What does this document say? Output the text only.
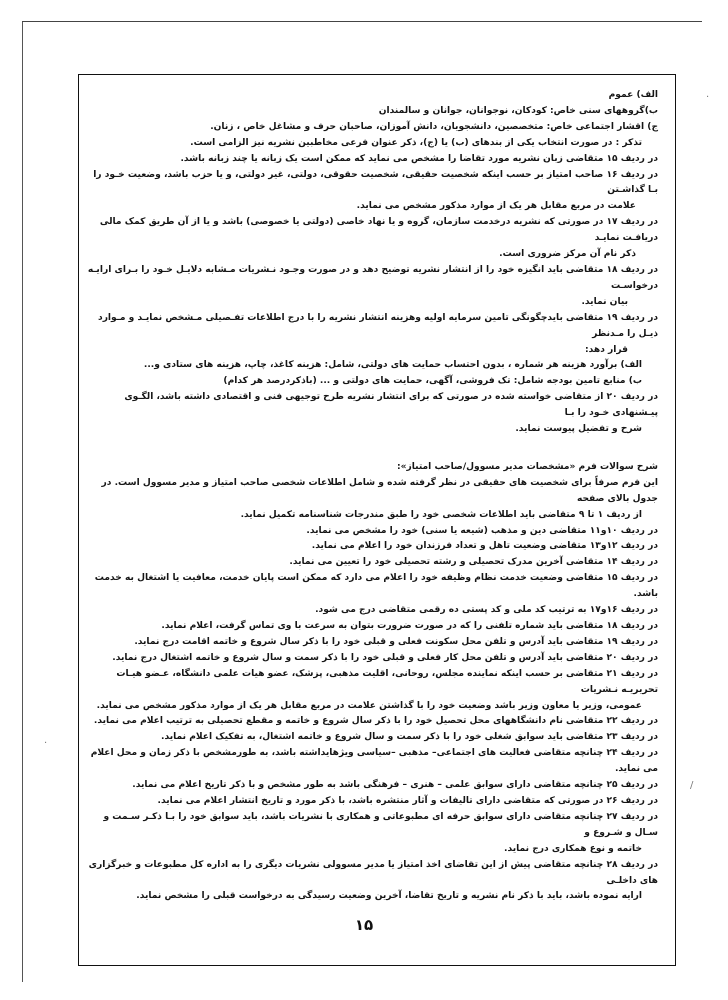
الف) عموم

ب)گروههای سنی خاص: کودکان، نوجوانان، جوانان و سالمندان

ج) اقشار اجتماعی خاص: متخصصین، دانشجویان، دانش آموزان، صاحبان حرف و مشاغل خاص ، زنان.

تذکر : در صورت انتخاب یکی از بندهای (ب) یا (ج)، ذکر عنوان فرعی مخاطبین نشریه نیز الزامی است.

در ردیف ۱۵ متقاضی زبان نشریه مورد تقاضا را مشخص می نماید که ممکن است یک زبانه یا چند زبانه باشد.

در ردیف ۱۶ صاحب امتیاز بر حسب اینکه شخصیت حقیقی، شخصیت حقوقی، دولتی، غیر دولتی، و یا حزب باشد، وضعیت خـود را بـا گذاشـتن

علامت در مربع مقابل هر یک از موارد مذکور مشخص می نماید.

در ردیف ۱۷ در صورتی که نشریه درخدمت سازمان، گروه و یا نهاد خاصی (دولتی یا خصوصی) باشد و یا از آن طریق کمک مالی دریافـت نمایـد

ذکر نام آن مرکز ضروری است.

در ردیف ۱۸ متقاضی باید انگیزه خود را از انتشار نشریه توضیح دهد و در صورت وجـود نـشریات مـشابه دلایـل خـود را بـرای ارایـه درخواسـت

بیان نماید.

در ردیف ۱۹ متقاضی بایدچگونگی تامین سرمایه اولیه وهزینه انتشار نشریه را با درج اطلاعات تفـصیلی مـشخص نمایـد و مـوارد ذیـل را مـدنظر

قرار دهد:

الف) برآورد هزینه هر شماره ، بدون احتساب حمایت های دولتی، شامل: هزینه کاغذ، چاپ، هزینه های ستادی و...

ب) منابع تامین بودجه شامل: تک فروشی، آگهی، حمایت های دولتی و ... (باذکردرصد هر کدام)

در ردیف ۲۰ از متقاضی خواسته شده در صورتی که برای انتشار نشریه طرح توجیهی فنی و اقتصادی داشته باشد، الگـوی پیـشنهادی خـود را بـا

شرح و تفضیل پیوست نماید.

شرح سوالات فرم «مشخصات مدیر مسوول/صاحب امتیاز»:

این فرم صرفاً برای شخصیت های حقیقی در نظر گرفته شده و شامل اطلاعات شخصی صاحب امتیاز و مدیر مسوول است. در جدول بالای صفحه

از ردیف ۱ تا ۹ متقاضی باید اطلاعات شخصی خود را طبق مندرجات شناسنامه تکمیل نماید.

در ردیف ۱۰و۱۱ متقاضی دین و مذهب (شیعه یا سنی) خود را مشخص می نماید.

در ردیف ۱۲و۱۳ متقاضی وضعیت تاهل و تعداد فرزندان خود را اعلام می نماید.

در ردیف ۱۴ متقاضی آخرین مدرک تحصیلی و رشته تحصیلی خود را تعیین می نماید.

در ردیف ۱۵ متقاضی وضعیت خدمت نظام وظیفه خود را اعلام می دارد که ممکن است پایان خدمت، معافیت یا اشتغال به خدمت باشد.

در ردیف ۱۶و۱۷ به ترتیب کد ملی و کد پستی ده رقمی متقاضی درج می شود.

در ردیف ۱۸ متقاضی باید شماره تلفنی را که در صورت ضرورت بتوان به سرعت با وی تماس گرفت، اعلام نماید.

در ردیف ۱۹ متقاضی باید آدرس و تلفن محل سکونت فعلی و قبلی خود را با ذکر سال شروع و خاتمه اقامت درج نماید.

در ردیف ۲۰ متقاضی باید آدرس و تلفن محل کار فعلی و قبلی خود را با ذکر سمت و سال شروع و خاتمه اشتغال درج نماید.

در ردیف ۲۱ متقاضی بر حسب اینکه نماینده مجلس، روحانی، اقلیت مذهبی، پزشک، عضو هیات علمی دانشگاه، عـضو هیـات تحریریـه نـشریات

عمومی، وزیر یا معاون وزیر باشد وضعیت خود را با گذاشتن علامت در مربع مقابل هر یک از موارد مذکور مشخص می نماید.

در ردیف ۲۲ متقاضی نام دانشگاههای محل تحصیل خود را با ذکر سال شروع و خاتمه و مقطع تحصیلی به ترتیب اعلام می نماید.

در ردیف ۲۳ متقاضی باید سوابق شغلی خود را با ذکر سمت و سال شروع و خاتمه اشتغال، به تفکیک اعلام نماید.

در ردیف ۲۴ چنانچه متقاضی فعالیت های اجتماعی– مذهبی –سیاسی ویژهایداشته باشد، به طورمشخص با ذکر زمان و محل اعلام می نماید.

در ردیف ۲۵ چنانچه متقاضی دارای سوابق علمی – هنری – فرهنگی باشد به طور مشخص و با ذکر تاریخ اعلام می نماید.

در ردیف ۲۶ در صورتی که متقاضی دارای تالیفات و آثار منتشره باشد، با ذکر مورد و تاریخ انتشار اعلام می نماید.

در ردیف ۲۷ چنانچه متقاضی دارای سوابق حرفه ای مطبوعاتی و همکاری با نشریات باشد، باید سوابق خود را بـا ذکـر سـمت و سـال و شـروع و

خاتمه و نوع همکاری درج نماید.

در ردیف ۲۸ چنانچه متقاضی پیش از این تقاضای اخذ امتیاز یا مدیر مسوولی نشریات دیگری را به اداره کل مطبوعات و خبرگزاری های داخلـی

ارایه نموده باشد، باید با ذکر نام نشریه و تاریخ تقاضا، آخرین وضعیت رسیدگی به درخواست قبلی را مشخص نماید.

۱۵
·
·
/
